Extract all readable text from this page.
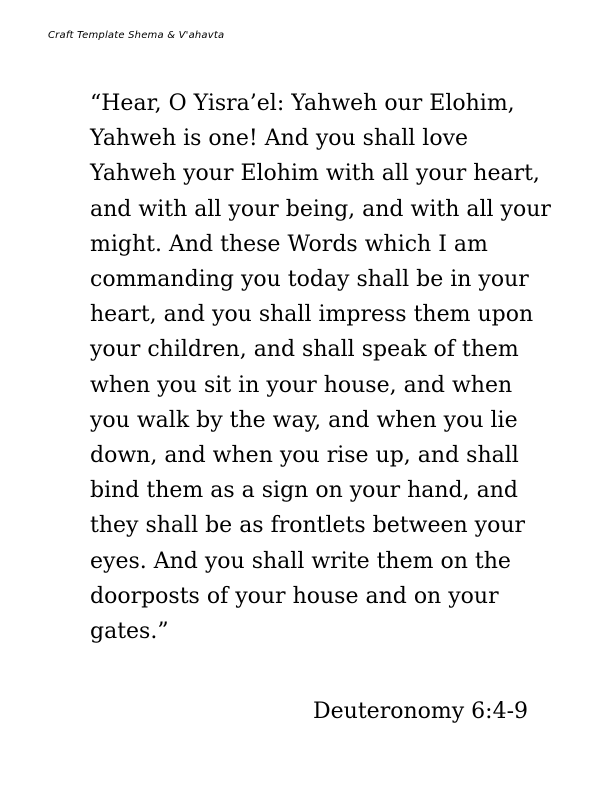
Craft Template Shema & V'ahavta
“Hear, O Yisra’el: Yahweh our Elohim,
Yahweh is one! And you shall love
Yahweh your Elohim with all your heart,
and with all your being, and with all your
might. And these Words which I am
commanding you today shall be in your
heart, and you shall impress them upon
your children, and shall speak of them
when you sit in your house, and when
you walk by the way, and when you lie
down, and when you rise up, and shall
bind them as a sign on your hand, and
they shall be as frontlets between your
eyes. And you shall write them on the
doorposts of your house and on your
gates.”
Deuteronomy 6:4-9
